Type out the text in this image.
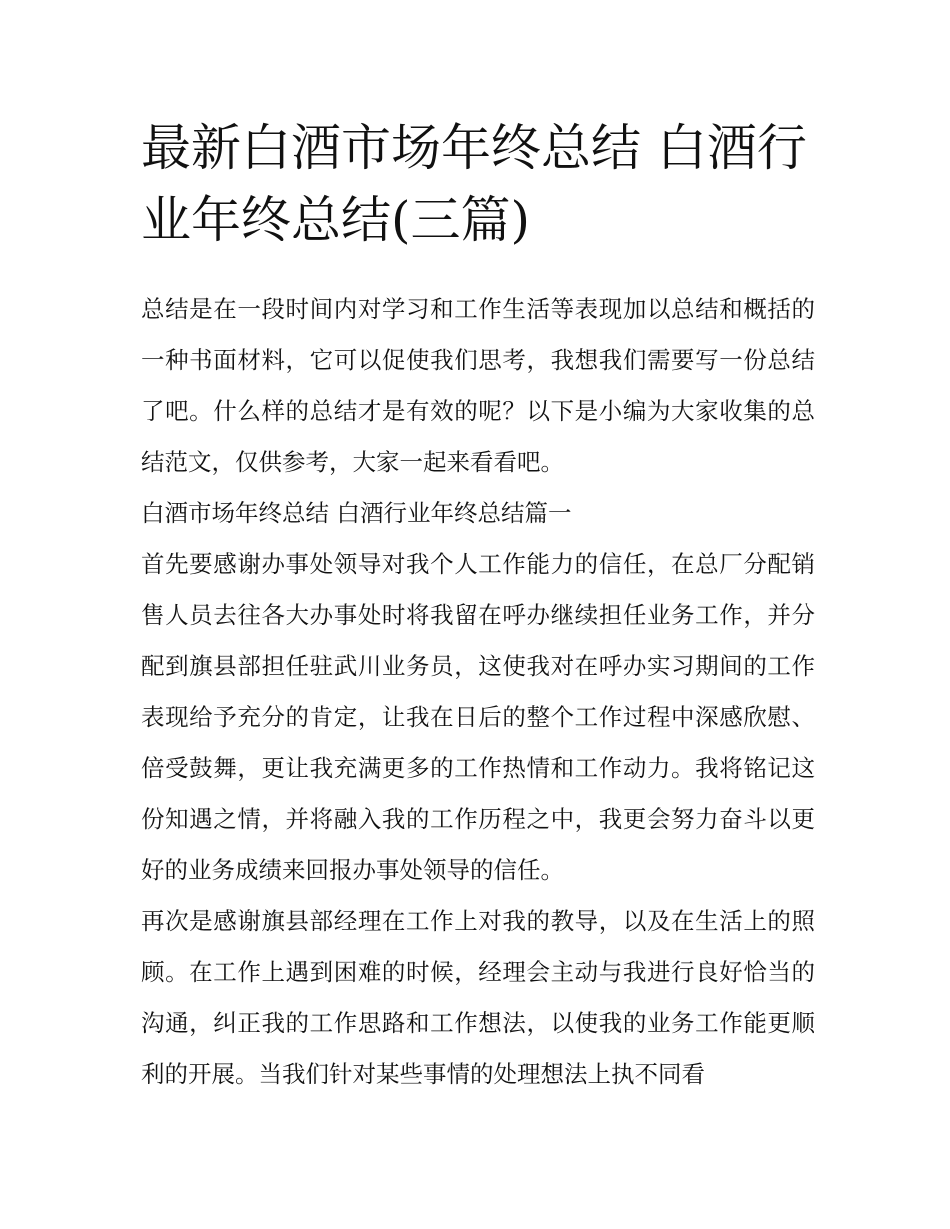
最新白酒市场年终总结 白酒行业年终总结(三篇)

总结是在一段时间内对学习和工作生活等表现加以总结和概括的一种书面材料，它可以促使我们思考，我想我们需要写一份总结了吧。什么样的总结才是有效的呢？以下是小编为大家收集的总结范文，仅供参考，大家一起来看看吧。

白酒市场年终总结 白酒行业年终总结篇一

首先要感谢办事处领导对我个人工作能力的信任，在总厂分配销售人员去往各大办事处时将我留在呼办继续担任业务工作，并分配到旗县部担任驻武川业务员，这使我对在呼办实习期间的工作表现给予充分的肯定，让我在日后的整个工作过程中深感欣慰、倍受鼓舞，更让我充满更多的工作热情和工作动力。我将铭记这份知遇之情，并将融入我的工作历程之中，我更会努力奋斗以更好的业务成绩来回报办事处领导的信任。

再次是感谢旗县部经理在工作上对我的教导，以及在生活上的照顾。在工作上遇到困难的时候，经理会主动与我进行良好恰当的沟通，纠正我的工作思路和工作想法，以使我的业务工作能更顺利的开展。当我们针对某些事情的处理想法上执不同看
